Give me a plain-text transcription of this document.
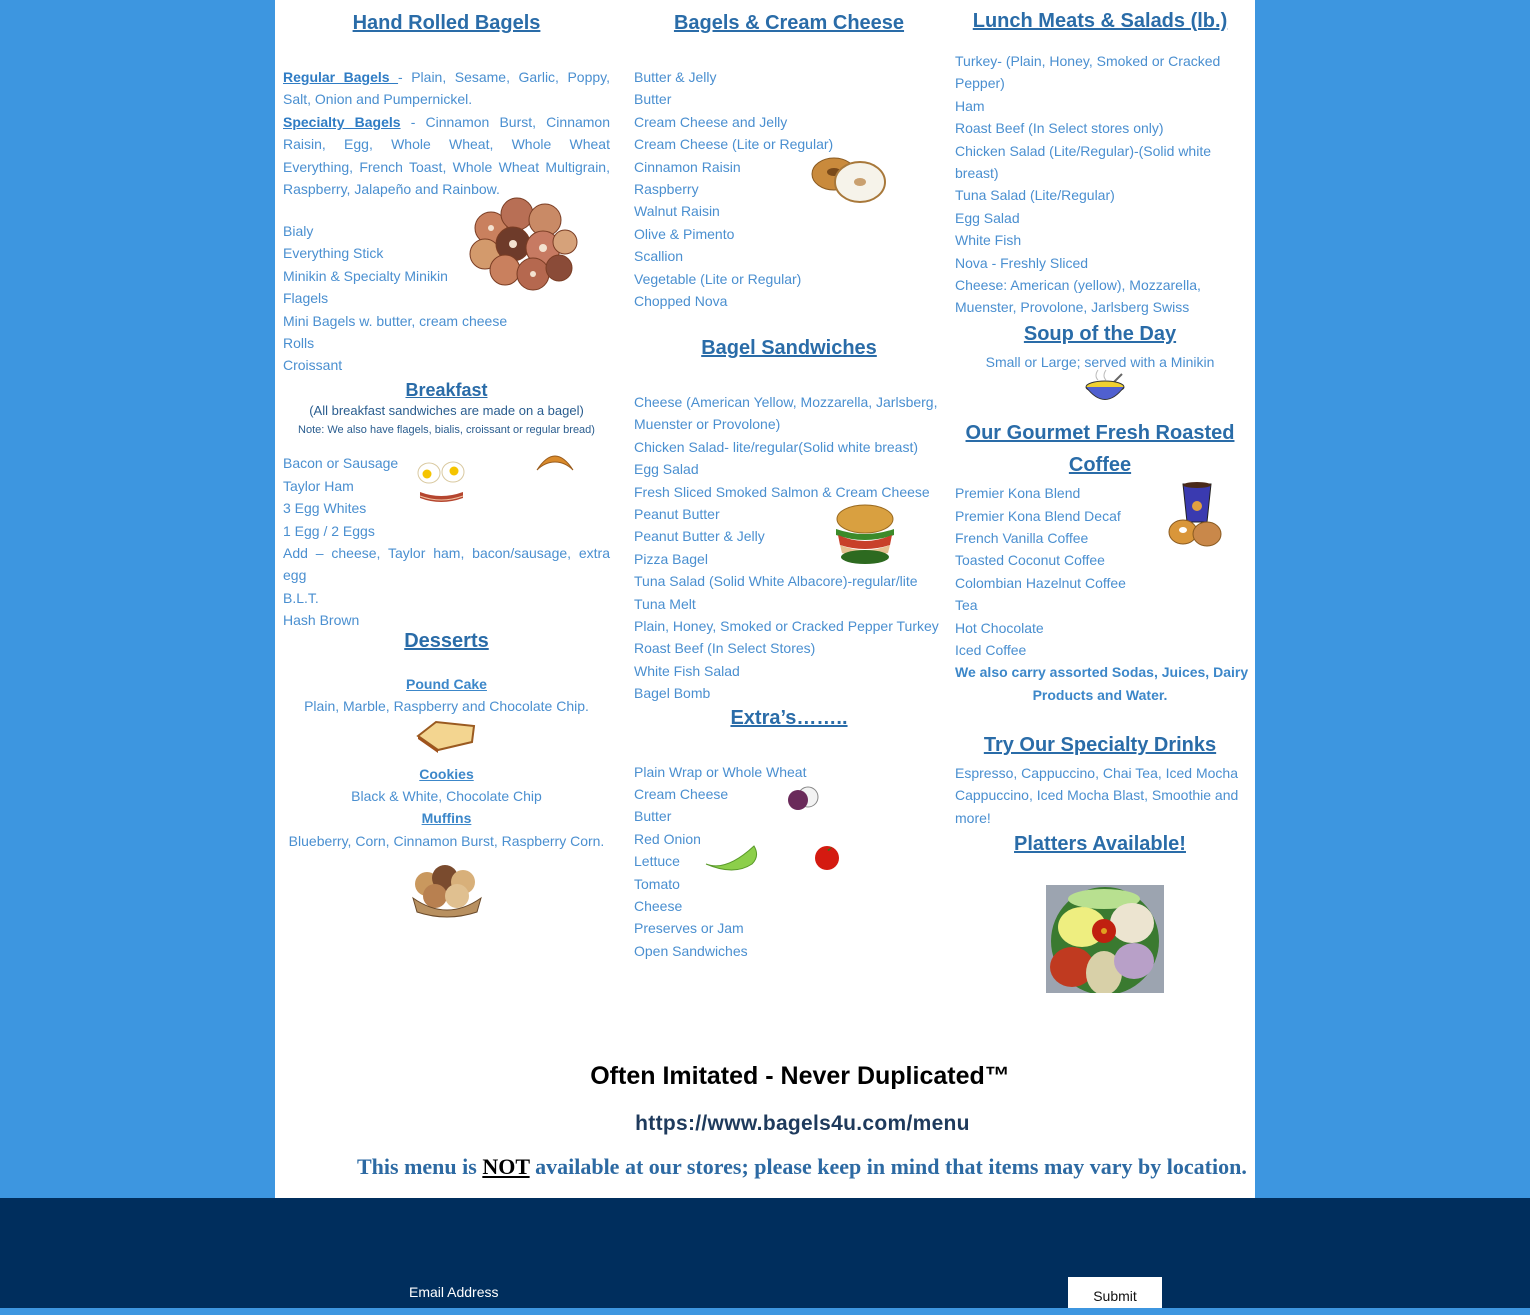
Hand Rolled Bagels
Regular Bagels - Plain, Sesame, Garlic, Poppy, Salt, Onion and Pumpernickel.
Specialty Bagels - Cinnamon Burst, Cinnamon Raisin, Egg, Whole Wheat, Whole Wheat Everything, French Toast, Whole Wheat Multigrain, Raspberry, Jalapeño and Rainbow.
Bialy
Everything Stick
Minikin & Specialty Minikin
Flagels
Mini Bagels w. butter, cream cheese
Rolls
Croissant
Breakfast
(All breakfast sandwiches are made on a bagel)
Note: We also have flagels, bialis, croissant or regular bread)
Bacon or Sausage
Taylor Ham
3 Egg Whites
1 Egg / 2 Eggs
Add – cheese, Taylor ham, bacon/sausage, extra egg
B.L.T.
Hash Brown
Desserts
Pound Cake
Plain, Marble, Raspberry and Chocolate Chip.
Cookies
Black & White, Chocolate Chip
Muffins
Blueberry, Corn, Cinnamon Burst, Raspberry Corn.
Bagels & Cream Cheese
Butter & Jelly
Butter
Cream Cheese and Jelly
Cream Cheese (Lite or Regular)
Cinnamon Raisin
Raspberry
Walnut Raisin
Olive & Pimento
Scallion
Vegetable (Lite or Regular)
Chopped Nova
Bagel Sandwiches
Cheese (American Yellow, Mozzarella, Jarlsberg,
Muenster or Provolone)
Chicken Salad- lite/regular(Solid white breast)
Egg Salad
Fresh Sliced Smoked Salmon & Cream Cheese
Peanut Butter
Peanut Butter & Jelly
Pizza Bagel
Tuna Salad (Solid White Albacore)-regular/lite
Tuna Melt
Plain, Honey, Smoked or Cracked Pepper Turkey
Roast Beef (In Select Stores)
White Fish Salad
Bagel Bomb
Extra’s……..
Plain Wrap or Whole Wheat
Cream Cheese
Butter
Red Onion
Lettuce
Tomato
Cheese
Preserves or Jam
Open Sandwiches
Lunch Meats & Salads (lb.)
Turkey- (Plain, Honey, Smoked or Cracked
Pepper)
Ham
Roast Beef (In Select stores only)
Chicken Salad (Lite/Regular)-(Solid white
breast)
Tuna Salad (Lite/Regular)
Egg Salad
White Fish
Nova - Freshly Sliced
Cheese: American (yellow), Mozzarella,
Muenster, Provolone, Jarlsberg Swiss
Soup of the Day
Small or Large; served with a Minikin
Our Gourmet Fresh Roasted
Coffee
Premier Kona Blend
Premier Kona Blend Decaf
French Vanilla Coffee
Toasted Coconut Coffee
Colombian Hazelnut Coffee
Tea
Hot Chocolate
Iced Coffee
We also carry assorted Sodas, Juices, Dairy
Products and Water.
Try Our Specialty Drinks
Espresso, Cappuccino, Chai Tea, Iced Mocha Cappuccino, Iced Mocha Blast, Smoothie and more!
Platters Available!
Often Imitated - Never Duplicated™
https://www.bagels4u.com/menu
This menu is NOT available at our stores; please keep in mind that items may vary by location.
Email Address	Submit
